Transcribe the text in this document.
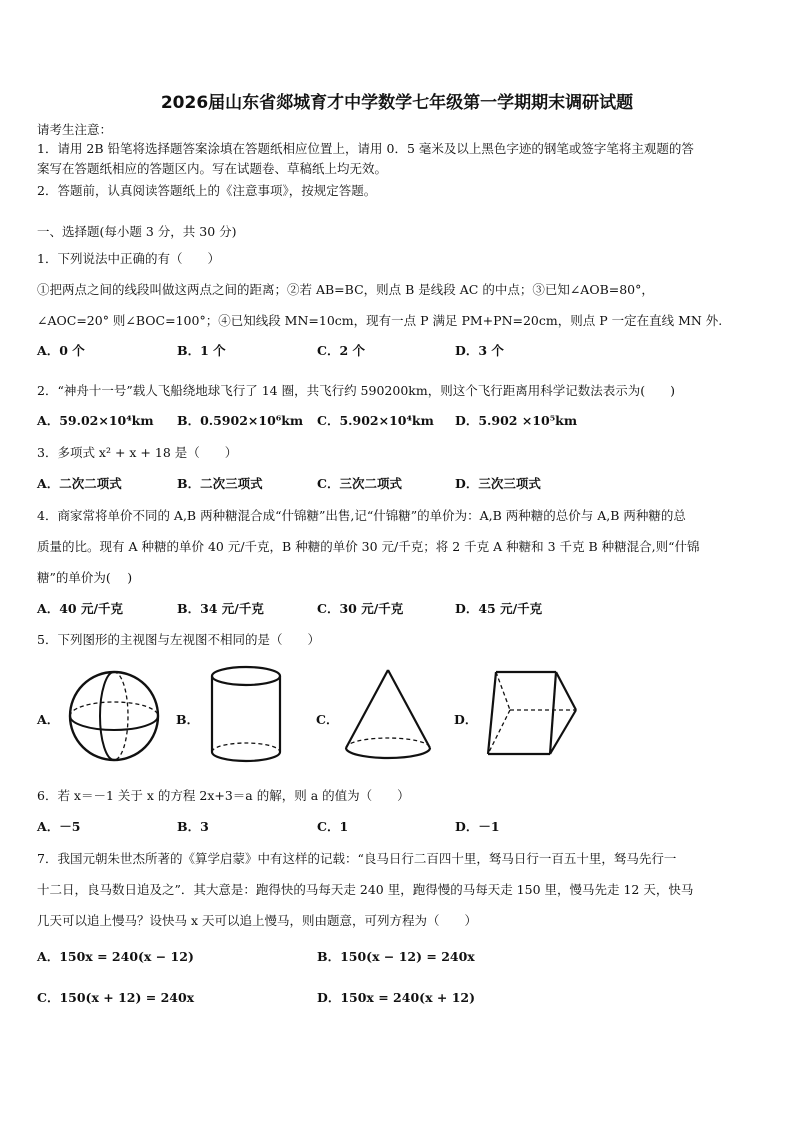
2026届山东省郯城育才中学数学七年级第一学期期末调研试题
请考生注意：
1．请用 2B 铅笔将选择题答案涂填在答题纸相应位置上，请用 0．5 毫米及以上黑色字迹的钢笔或签字笔将主观题的答
案写在答题纸相应的答题区内。写在试题卷、草稿纸上均无效。
2．答题前，认真阅读答题纸上的《注意事项》，按规定答题。
一、选择题(每小题 3 分，共 30 分)
1．下列说法中正确的有（　　）
①把两点之间的线段叫做这两点之间的距离；②若 AB=BC，则点 B 是线段 AC 的中点；③已知∠AOB=80°，
∠AOC=20° 则∠BOC=100°；④已知线段 MN=10cm，现有一点 P 满足 PM+PN=20cm，则点 P 一定在直线 MN 外.
A．0 个	B．1 个	C．2 个	D．3 个
2．“神舟十一号”载人飞船绕地球飞行了 14 圈，共飞行约 590200km，则这个飞行距离用科学记数法表示为(　　)
A．59.02×10⁴km B．0.5902×10⁶km C．5.902×10⁴km D．5.902 ×10⁵km
3．多项式 x² + x + 18 是（　　）
A．二次二项式	B．二次三项式	C．三次二项式	D．三次三项式
4．商家常将单价不同的 A,B 两种糖混合成“什锦糖”出售,记“什锦糖”的单价为：A,B 两种糖的总价与 A,B 两种糖的总
质量的比。现有 A 种糖的单价 40 元/千克，B 种糖的单价 30 元/千克；将 2 千克 A 种糖和 3 千克 B 种糖混合,则“什锦
糖”的单价为(　 )
A．40 元/千克	B．34 元/千克	C．30 元/千克	D．45 元/千克
5．下列图形的主视图与左视图不相同的是（　　）
A．	B．	C．	D．
6．若 x＝－1 关于 x 的方程 2x+3＝a 的解，则 a 的值为（　　）
A．－5	B．3	C．1	D．－1
7．我国元朝朱世杰所著的《算学启蒙》中有这样的记载：“良马日行二百四十里，驽马日行一百五十里，驽马先行一
十二日，良马数日追及之”．其大意是：跑得快的马每天走 240 里，跑得慢的马每天走 150 里，慢马先走 12 天，快马
几天可以追上慢马？设快马 x 天可以追上慢马，则由题意，可列方程为（　　）
A．150x = 240(x − 12)	B．150(x − 12) = 240x
C．150(x + 12) = 240x	D．150x = 240(x + 12)
